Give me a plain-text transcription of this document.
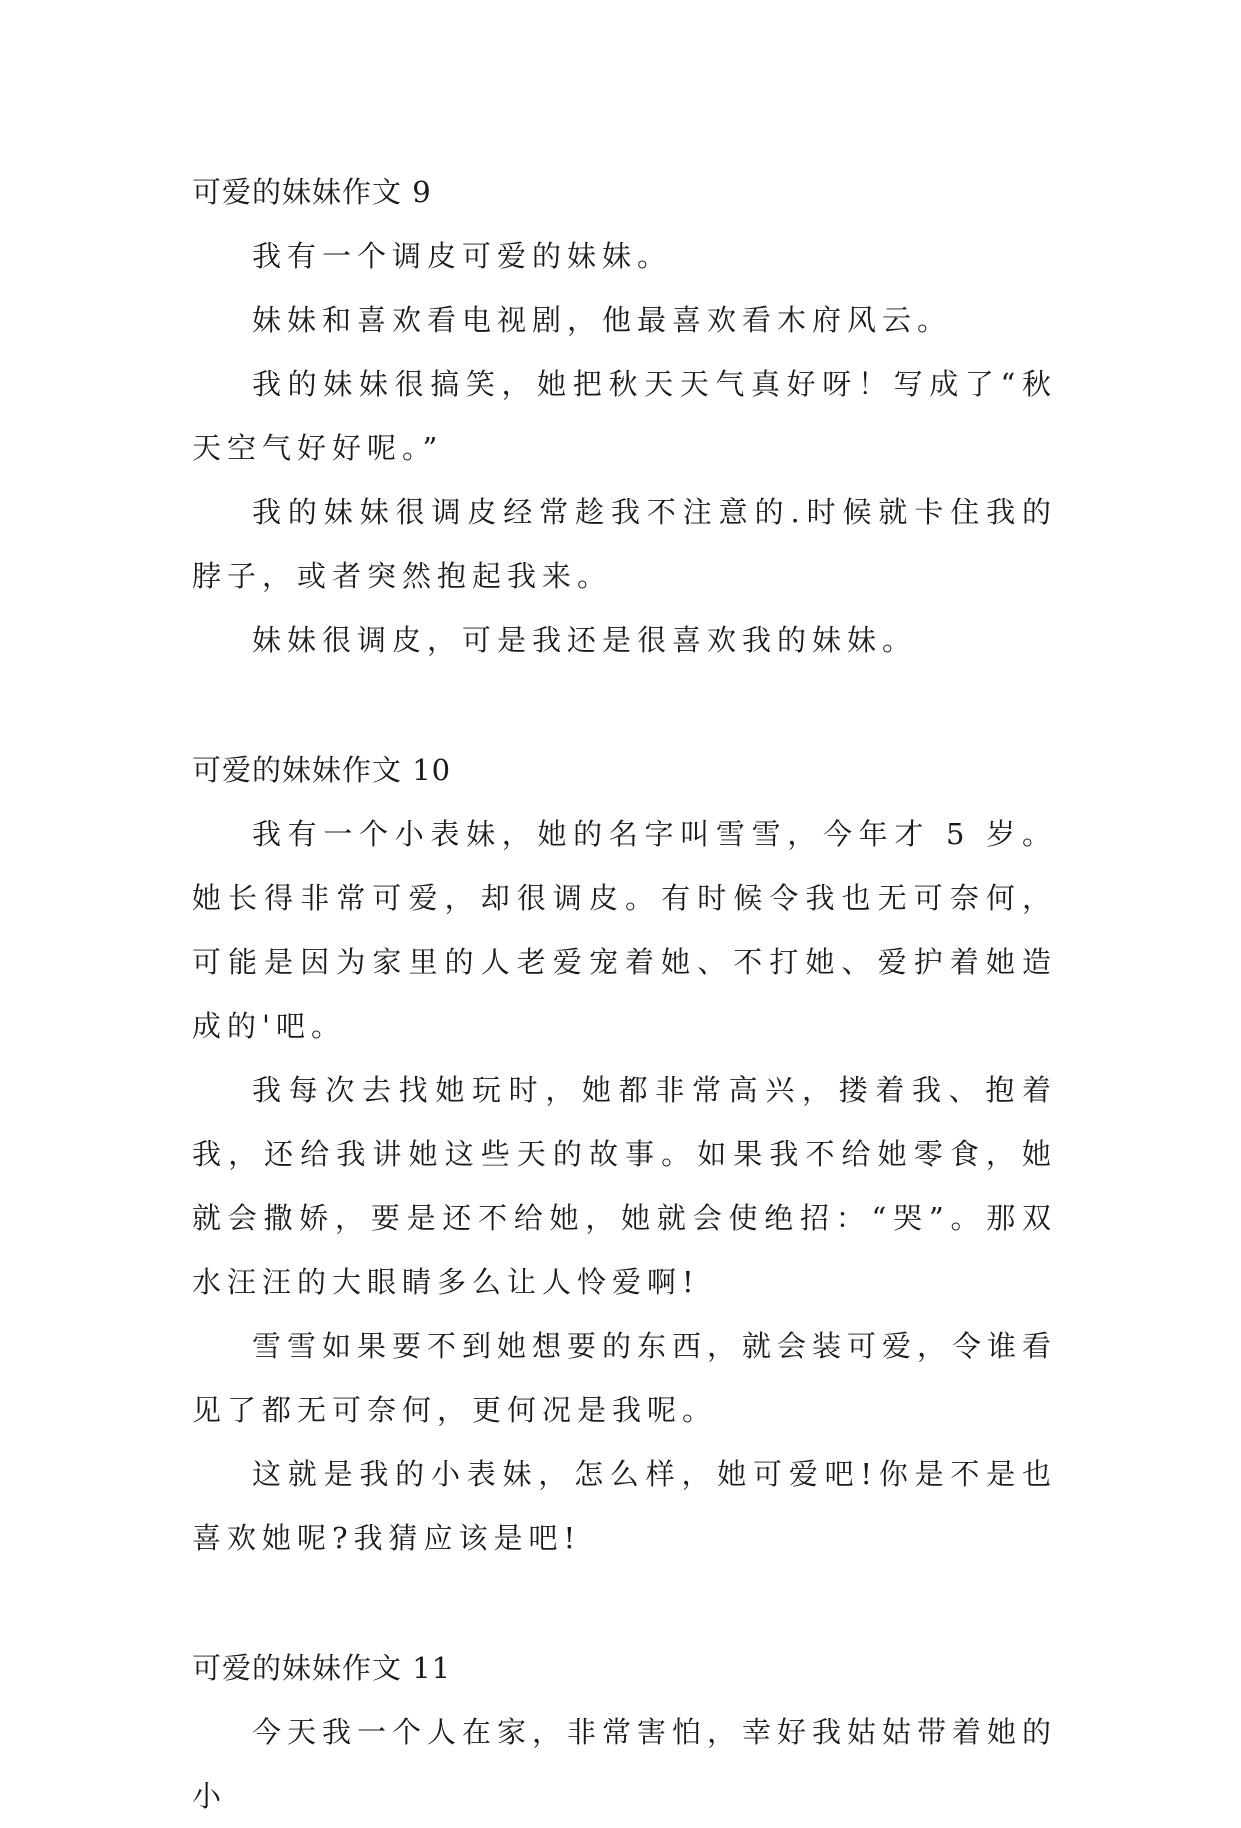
可爱的妹妹作文 9

我有一个调皮可爱的妹妹。

妹妹和喜欢看电视剧，他最喜欢看木府风云。

我的妹妹很搞笑，她把秋天天气真好呀！写成了“秋天空气好好呢。”

我的妹妹很调皮经常趁我不注意的.时候就卡住我的脖子，或者突然抱起我来。

妹妹很调皮，可是我还是很喜欢我的妹妹。

可爱的妹妹作文 10

我有一个小表妹，她的名字叫雪雪，今年才 5 岁。她长得非常可爱，却很调皮。有时候令我也无可奈何，可能是因为家里的人老爱宠着她、不打她、爱护着她造成的'吧。

我每次去找她玩时，她都非常高兴，搂着我、抱着我，还给我讲她这些天的故事。如果我不给她零食，她就会撒娇，要是还不给她，她就会使绝招：“哭”。那双水汪汪的大眼睛多么让人怜爱啊!

雪雪如果要不到她想要的东西，就会装可爱，令谁看见了都无可奈何，更何况是我呢。

这就是我的小表妹，怎么样，她可爱吧!你是不是也喜欢她呢?我猜应该是吧!

可爱的妹妹作文 11

今天我一个人在家，非常害怕，幸好我姑姑带着她的小
